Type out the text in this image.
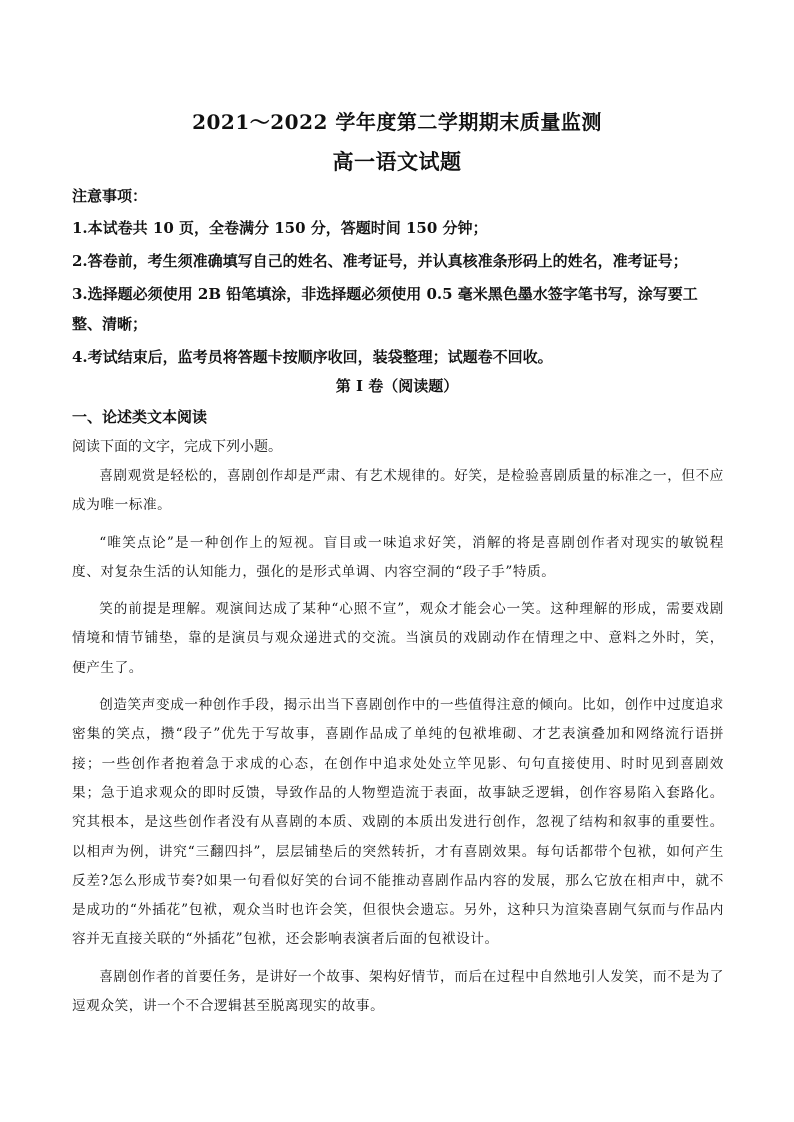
2021～2022 学年度第二学期期末质量监测
高一语文试题
注意事项：
1.本试卷共 10 页，全卷满分 150 分，答题时间 150 分钟；
2.答卷前，考生须准确填写自己的姓名、准考证号，并认真核准条形码上的姓名，准考证号；
3.选择题必须使用 2B 铅笔填涂，非选择题必须使用 0.5 毫米黑色墨水签字笔书写，涂写要工
整、清晰；
4.考试结束后，监考员将答题卡按顺序收回，装袋整理；试题卷不回收。
第 I 卷（阅读题）
一、论述类文本阅读
阅读下面的文字，完成下列小题。

喜剧观赏是轻松的，喜剧创作却是严肃、有艺术规律的。好笑，是检验喜剧质量的标准之一，但不应成为唯一标准。

“唯笑点论”是一种创作上的短视。盲目或一味追求好笑，消解的将是喜剧创作者对现实的敏锐程度、对复杂生活的认知能力，强化的是形式单调、内容空洞的“段子手”特质。

笑的前提是理解。观演间达成了某种“心照不宣”，观众才能会心一笑。这种理解的形成，需要戏剧情境和情节铺垫，靠的是演员与观众递进式的交流。当演员的戏剧动作在情理之中、意料之外时，笑，便产生了。

创造笑声变成一种创作手段，揭示出当下喜剧创作中的一些值得注意的倾向。比如，创作中过度追求密集的笑点，攒“段子”优先于写故事，喜剧作品成了单纯的包袱堆砌、才艺表演叠加和网络流行语拼接；一些创作者抱着急于求成的心态，在创作中追求处处立竿见影、句句直接使用、时时见到喜剧效果；急于追求观众的即时反馈，导致作品的人物塑造流于表面，故事缺乏逻辑，创作容易陷入套路化。究其根本，是这些创作者没有从喜剧的本质、戏剧的本质出发进行创作，忽视了结构和叙事的重要性。以相声为例，讲究“三翻四抖”，层层铺垫后的突然转折，才有喜剧效果。每句话都带个包袱，如何产生反差?怎么形成节奏?如果一句看似好笑的台词不能推动喜剧作品内容的发展，那么它放在相声中，就不是成功的“外插花”包袱，观众当时也许会笑，但很快会遗忘。另外，这种只为渲染喜剧气氛而与作品内容并无直接关联的“外插花”包袱，还会影响表演者后面的包袱设计。

喜剧创作者的首要任务，是讲好一个故事、架构好情节，而后在过程中自然地引人发笑，而不是为了逗观众笑，讲一个不合逻辑甚至脱离现实的故事。
